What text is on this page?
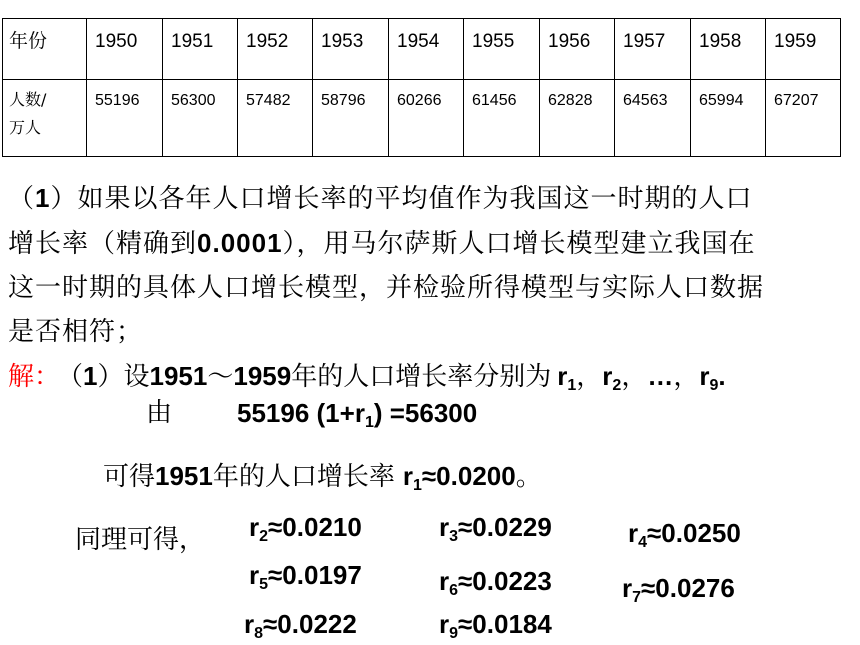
年份	1950	1951	1952	1953	1954	1955	1956	1957	1958	1959

人数/
万人	55196	56300	57482	58796	60266	61456	62828	64563	65994	67207
（1）如果以各年人口增长率的平均值作为我国这一时期的人口
增长率（精确到0.0001），用马尔萨斯人口增长模型建立我国在
这一时期的具体人口增长模型，并检验所得模型与实际人口数据
是否相符；
解： （1）设1951～1959年的人口增长率分别为 $r_1$，$r_2$，…，$r_9$.
由 55196 $(1+r_1) =56300$
可得1951年的人口增长率 $r_1\approx 0.0200$。
同理可得， $r_2\approx 0.0210$	$r_3\approx 0.0229$	$r_4\approx 0.0250$
$r_5\approx 0.0197$	$r_6\approx 0.0223$	$r_7\approx 0.0276$
$r_8\approx 0.0222$	$r_9\approx 0.0184$
